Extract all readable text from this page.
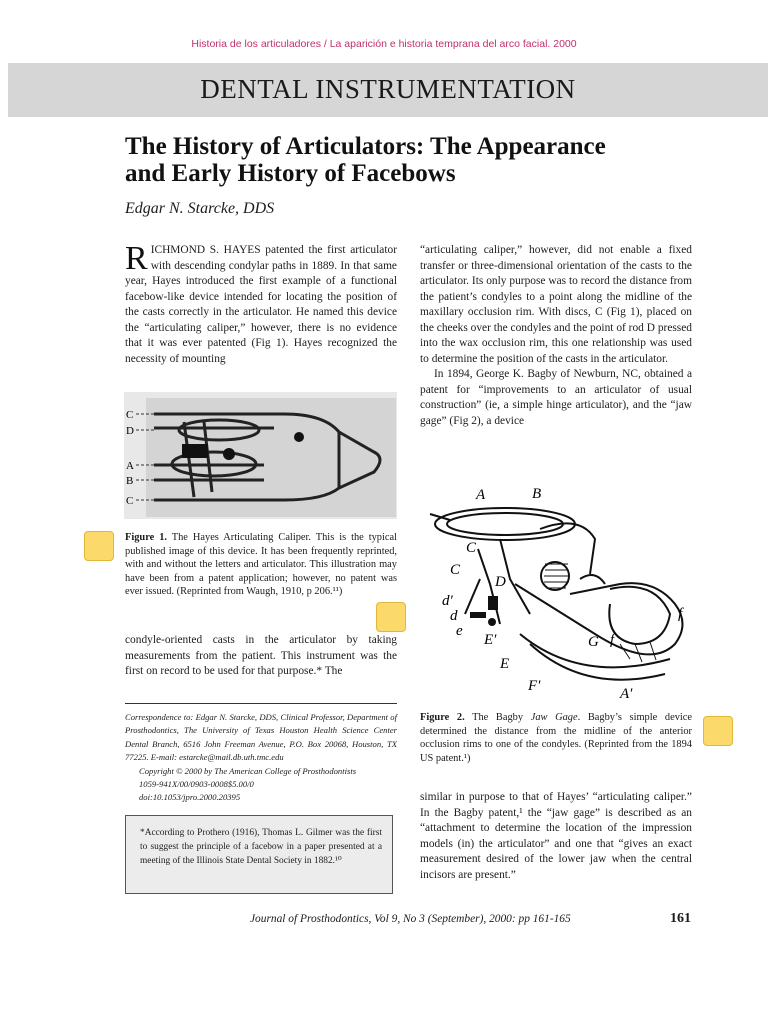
Historia de los articuladores / La aparición e historia temprana del arco facial. 2000
DENTAL INSTRUMENTATION
The History of Articulators: The Appearance
and Early History of Facebows
Edgar N. Starcke, DDS

RICHMOND S. HAYES patented the first articulator with descending condylar paths in 1889. In that same year, Hayes introduced the first example of a functional facebow-like device intended for locating the position of the casts correctly in the articulator. He named this device the “articulating caliper,” however, there is no evidence that it was ever patented (Fig 1). Hayes recognized the necessity of mounting

C
D
A
B
C
Figure 1. The Hayes Articulating Caliper. This is the typical published image of this device. It has been frequently reprinted, with and without the letters and articulator. This illustration may have been from a patent application; however, no patent was ever issued. (Reprinted from Waugh, 1910, p 206.¹¹)

condyle-oriented casts in the articulator by taking measurements from the patient. This instrument was the first on record to be used for that purpose.* The

Correspondence to: Edgar N. Starcke, DDS, Clinical Professor, Department of Prosthodontics, The University of Texas Houston Health Science Center Dental Branch, 6516 John Freeman Avenue, P.O. Box 20068, Houston, TX 77225. E-mail: estarcke@mail.db.uth.tmc.edu
Copyright © 2000 by The American College of Prosthodontists
1059-941X/00/0903-0008$5.00/0
doi:10.1053/jpro.2000.20395
*According to Prothero (1916), Thomas L. Gilmer was the first to suggest the principle of a facebow in a paper presented at a meeting of the Illinois State Dental Society in 1882.¹⁰

“articulating caliper,” however, did not enable a fixed transfer or three-dimensional orientation of the casts to the articulator. Its only purpose was to record the distance from the patient’s condyles to a point along the midline of the maxillary occlusion rim. With discs, C (Fig 1), placed on the cheeks over the condyles and the point of rod D pressed into the wax occlusion rim, this one relationship was used to determine the position of the casts in the articulator.

In 1894, George K. Bagby of Newburn, NC, obtained a patent for “improvements to an articulator of usual construction” (ie, a simple hinge articulator), and the “jaw gage” (Fig 2), a device

A	B
C
C
D
d′
d
e
E′
E
F′
G f
A′
f
Figure 2. The Bagby Jaw Gage. Bagby’s simple device determined the distance from the midline of the anterior occlusion rims to one of the condyles. (Reprinted from the 1894 US patent.¹)

similar in purpose to that of Hayes’ “articulating caliper.” In the Bagby patent,¹ the “jaw gage” is described as an “attachment to determine the location of the impression models (in) the articulator” and one that “gives an exact measurement desired of the lower jaw when the central incisors are present.”

Journal of Prosthodontics, Vol 9, No 3 (September), 2000: pp 161-165	161
